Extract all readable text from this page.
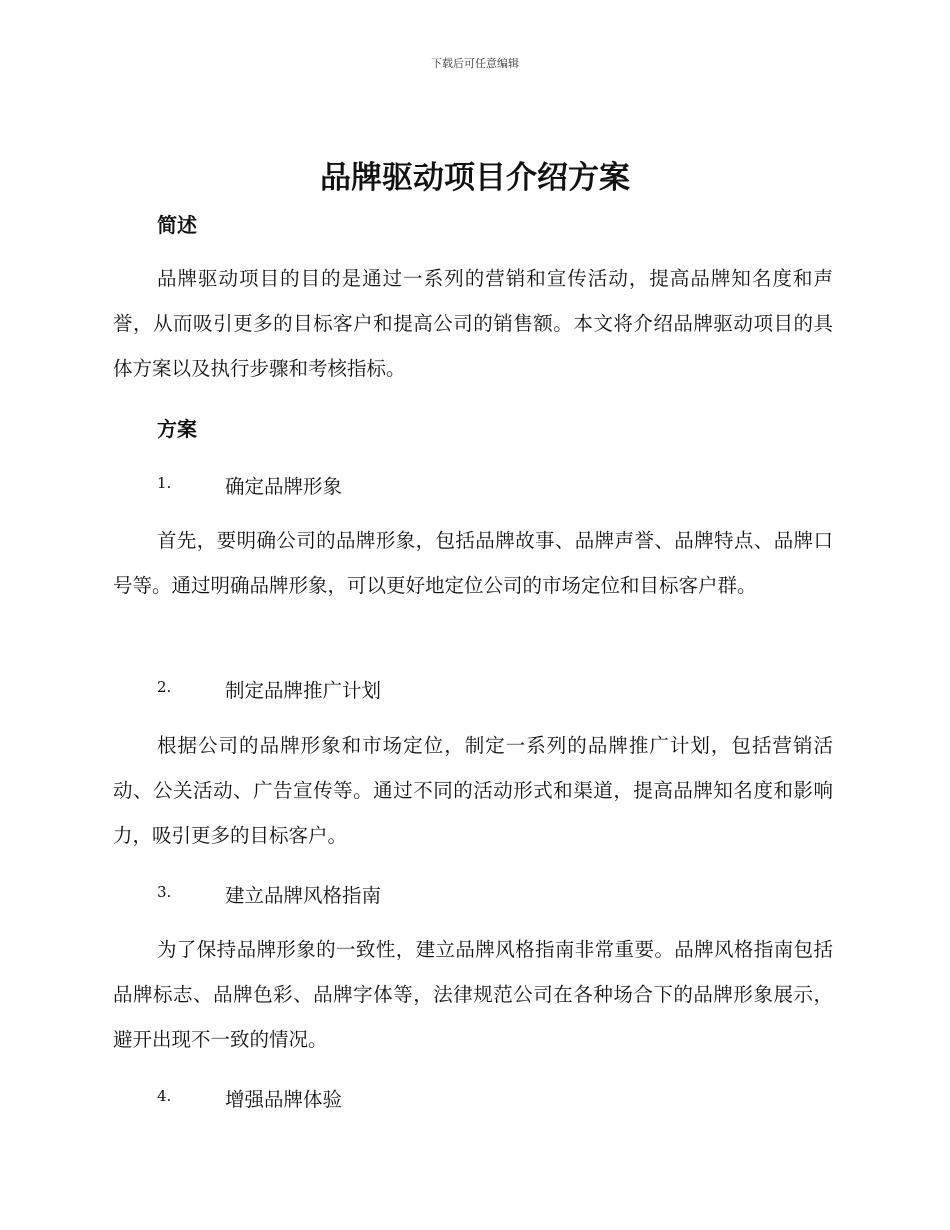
下载后可任意编辑
品牌驱动项目介绍方案
简述

品牌驱动项目的目的是通过一系列的营销和宣传活动，提高品牌知名度和声誉，从而吸引更多的目标客户和提高公司的销售额。本文将介绍品牌驱动项目的具体方案以及执行步骤和考核指标。

方案
1.	确定品牌形象

首先，要明确公司的品牌形象，包括品牌故事、品牌声誉、品牌特点、品牌口号等。通过明确品牌形象，可以更好地定位公司的市场定位和目标客户群。

2.	制定品牌推广计划

根据公司的品牌形象和市场定位，制定一系列的品牌推广计划，包括营销活动、公关活动、广告宣传等。通过不同的活动形式和渠道，提高品牌知名度和影响力，吸引更多的目标客户。

3.	建立品牌风格指南

为了保持品牌形象的一致性，建立品牌风格指南非常重要。品牌风格指南包括品牌标志、品牌色彩、品牌字体等，法律规范公司在各种场合下的品牌形象展示，避开出现不一致的情况。

4.	增强品牌体验
